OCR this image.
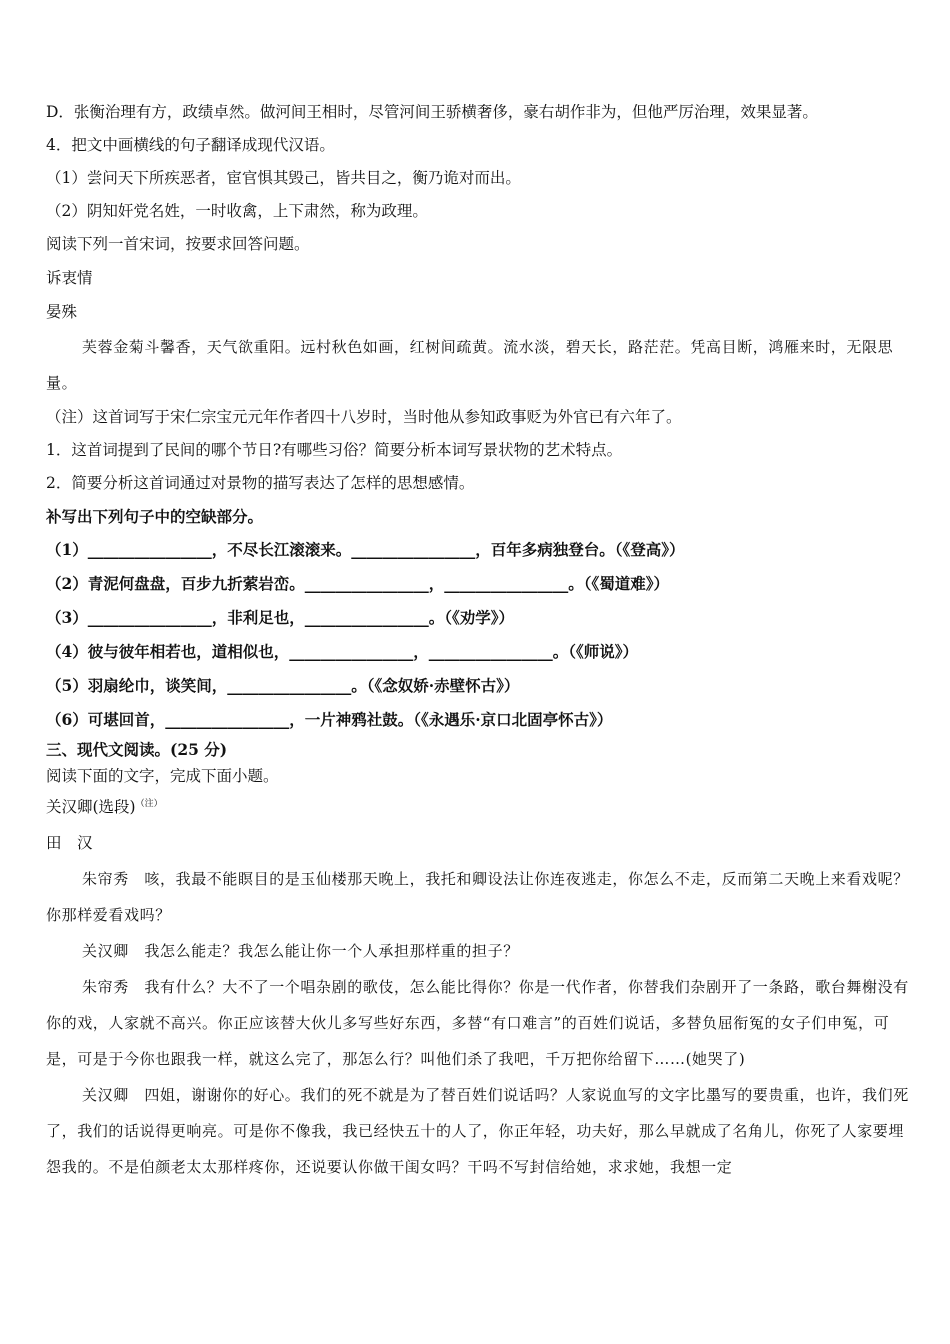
D．张衡治理有方，政绩卓然。做河间王相时，尽管河间王骄横奢侈，豪右胡作非为，但他严厉治理，效果显著。

4．把文中画横线的句子翻译成现代汉语。

（1）尝问天下所疾恶者，宦官惧其毁己，皆共目之，衡乃诡对而出。

（2）阴知奸党名姓，一时收禽，上下肃然，称为政理。

阅读下列一首宋词，按要求回答问题。

诉衷情

晏殊

芙蓉金菊斗馨香，天气欲重阳。远村秋色如画，红树间疏黄。流水淡，碧天长，路茫茫。凭高目断，鸿雁来时，无限思量。

（注）这首词写于宋仁宗宝元元年作者四十八岁时，当时他从参知政事贬为外官已有六年了。

1．这首词提到了民间的哪个节日?有哪些习俗？简要分析本词写景状物的艺术特点。

2．简要分析这首词通过对景物的描写表达了怎样的思想感情。

补写出下列句子中的空缺部分。

（1）________________，不尽长江滚滚来。________________，百年多病独登台。（《登高》）

（2）青泥何盘盘，百步九折萦岩峦。________________，________________。（《蜀道难》）

（3）________________，非利足也，________________。（《劝学》）

（4）彼与彼年相若也，道相似也，________________，________________。（《师说》）

（5）羽扇纶巾，谈笑间，________________。（《念奴娇·赤壁怀古》）

（6）可堪回首，________________，一片神鸦社鼓。（《永遇乐·京口北固亭怀古》）

三、现代文阅读。(25 分)

阅读下面的文字，完成下面小题。

关汉卿(选段)$^{(注)}$

田　汉

朱帘秀　咳，我最不能瞑目的是玉仙楼那天晚上，我托和卿设法让你连夜逃走，你怎么不走，反而第二天晚上来看戏呢？你那样爱看戏吗？

关汉卿　我怎么能走？我怎么能让你一个人承担那样重的担子？

朱帘秀　我有什么？大不了一个唱杂剧的歌伎，怎么能比得你？你是一代作者，你替我们杂剧开了一条路，歌台舞榭没有你的戏，人家就不高兴。你正应该替大伙儿多写些好东西，多替“有口难言”的百姓们说话，多替负屈衔冤的女子们申冤，可是，可是于今你也跟我一样，就这么完了，那怎么行？叫他们杀了我吧，千万把你给留下……(她哭了)

关汉卿　四姐，谢谢你的好心。我们的死不就是为了替百姓们说话吗？人家说血写的文字比墨写的要贵重，也许，我们死了，我们的话说得更响亮。可是你不像我，我已经快五十的人了，你正年轻，功夫好，那么早就成了名角儿，你死了人家要埋怨我的。不是伯颜老太太那样疼你，还说要认你做干闺女吗？干吗不写封信给她，求求她，我想一定
